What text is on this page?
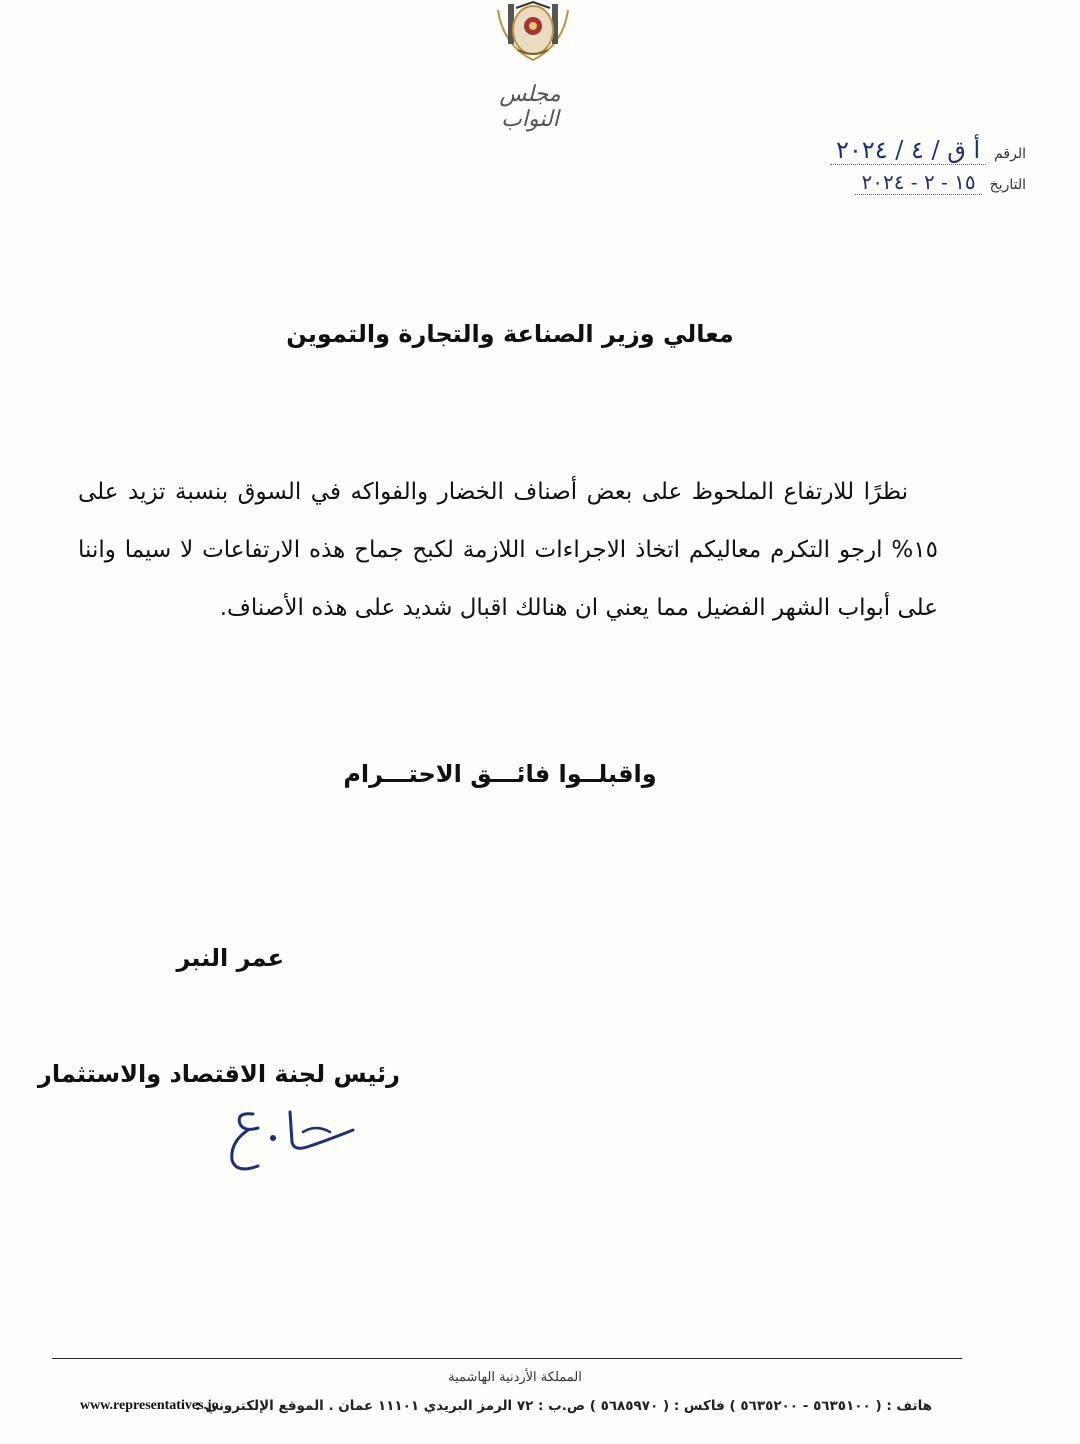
مجلس النواب
الرقم
أ ق / ٤ / ٢٠٢٤
التاريخ
١٥ - ٢ - ٢٠٢٤
معالي وزير الصناعة والتجارة والتموين

نظرًا للارتفاع الملحوظ على بعض أصناف الخضار والفواكه في السوق بنسبة تزيد على ١٥% ارجو التكرم معاليكم اتخاذ الاجراءات اللازمة لكبح جماح هذه الارتفاعات لا سيما واننا على أبواب الشهر الفضيل مما يعني ان هنالك اقبال شديد على هذه الأصناف.

واقبلــوا فائـــق الاحتـــرام
عمر النبر
رئيس لجنة الاقتصاد والاستثمار
المملكة الأردنية الهاشمية
هاتف : ( ٥٦٣٥١٠٠ - ٥٦٣٥٢٠٠ ) فاكس : ( ٥٦٨٥٩٧٠ ) ص.ب : ٧٢ الرمز البريدي ١١١٠١ عمان . الموقع الإلكتروني :
www.representatives.jo
